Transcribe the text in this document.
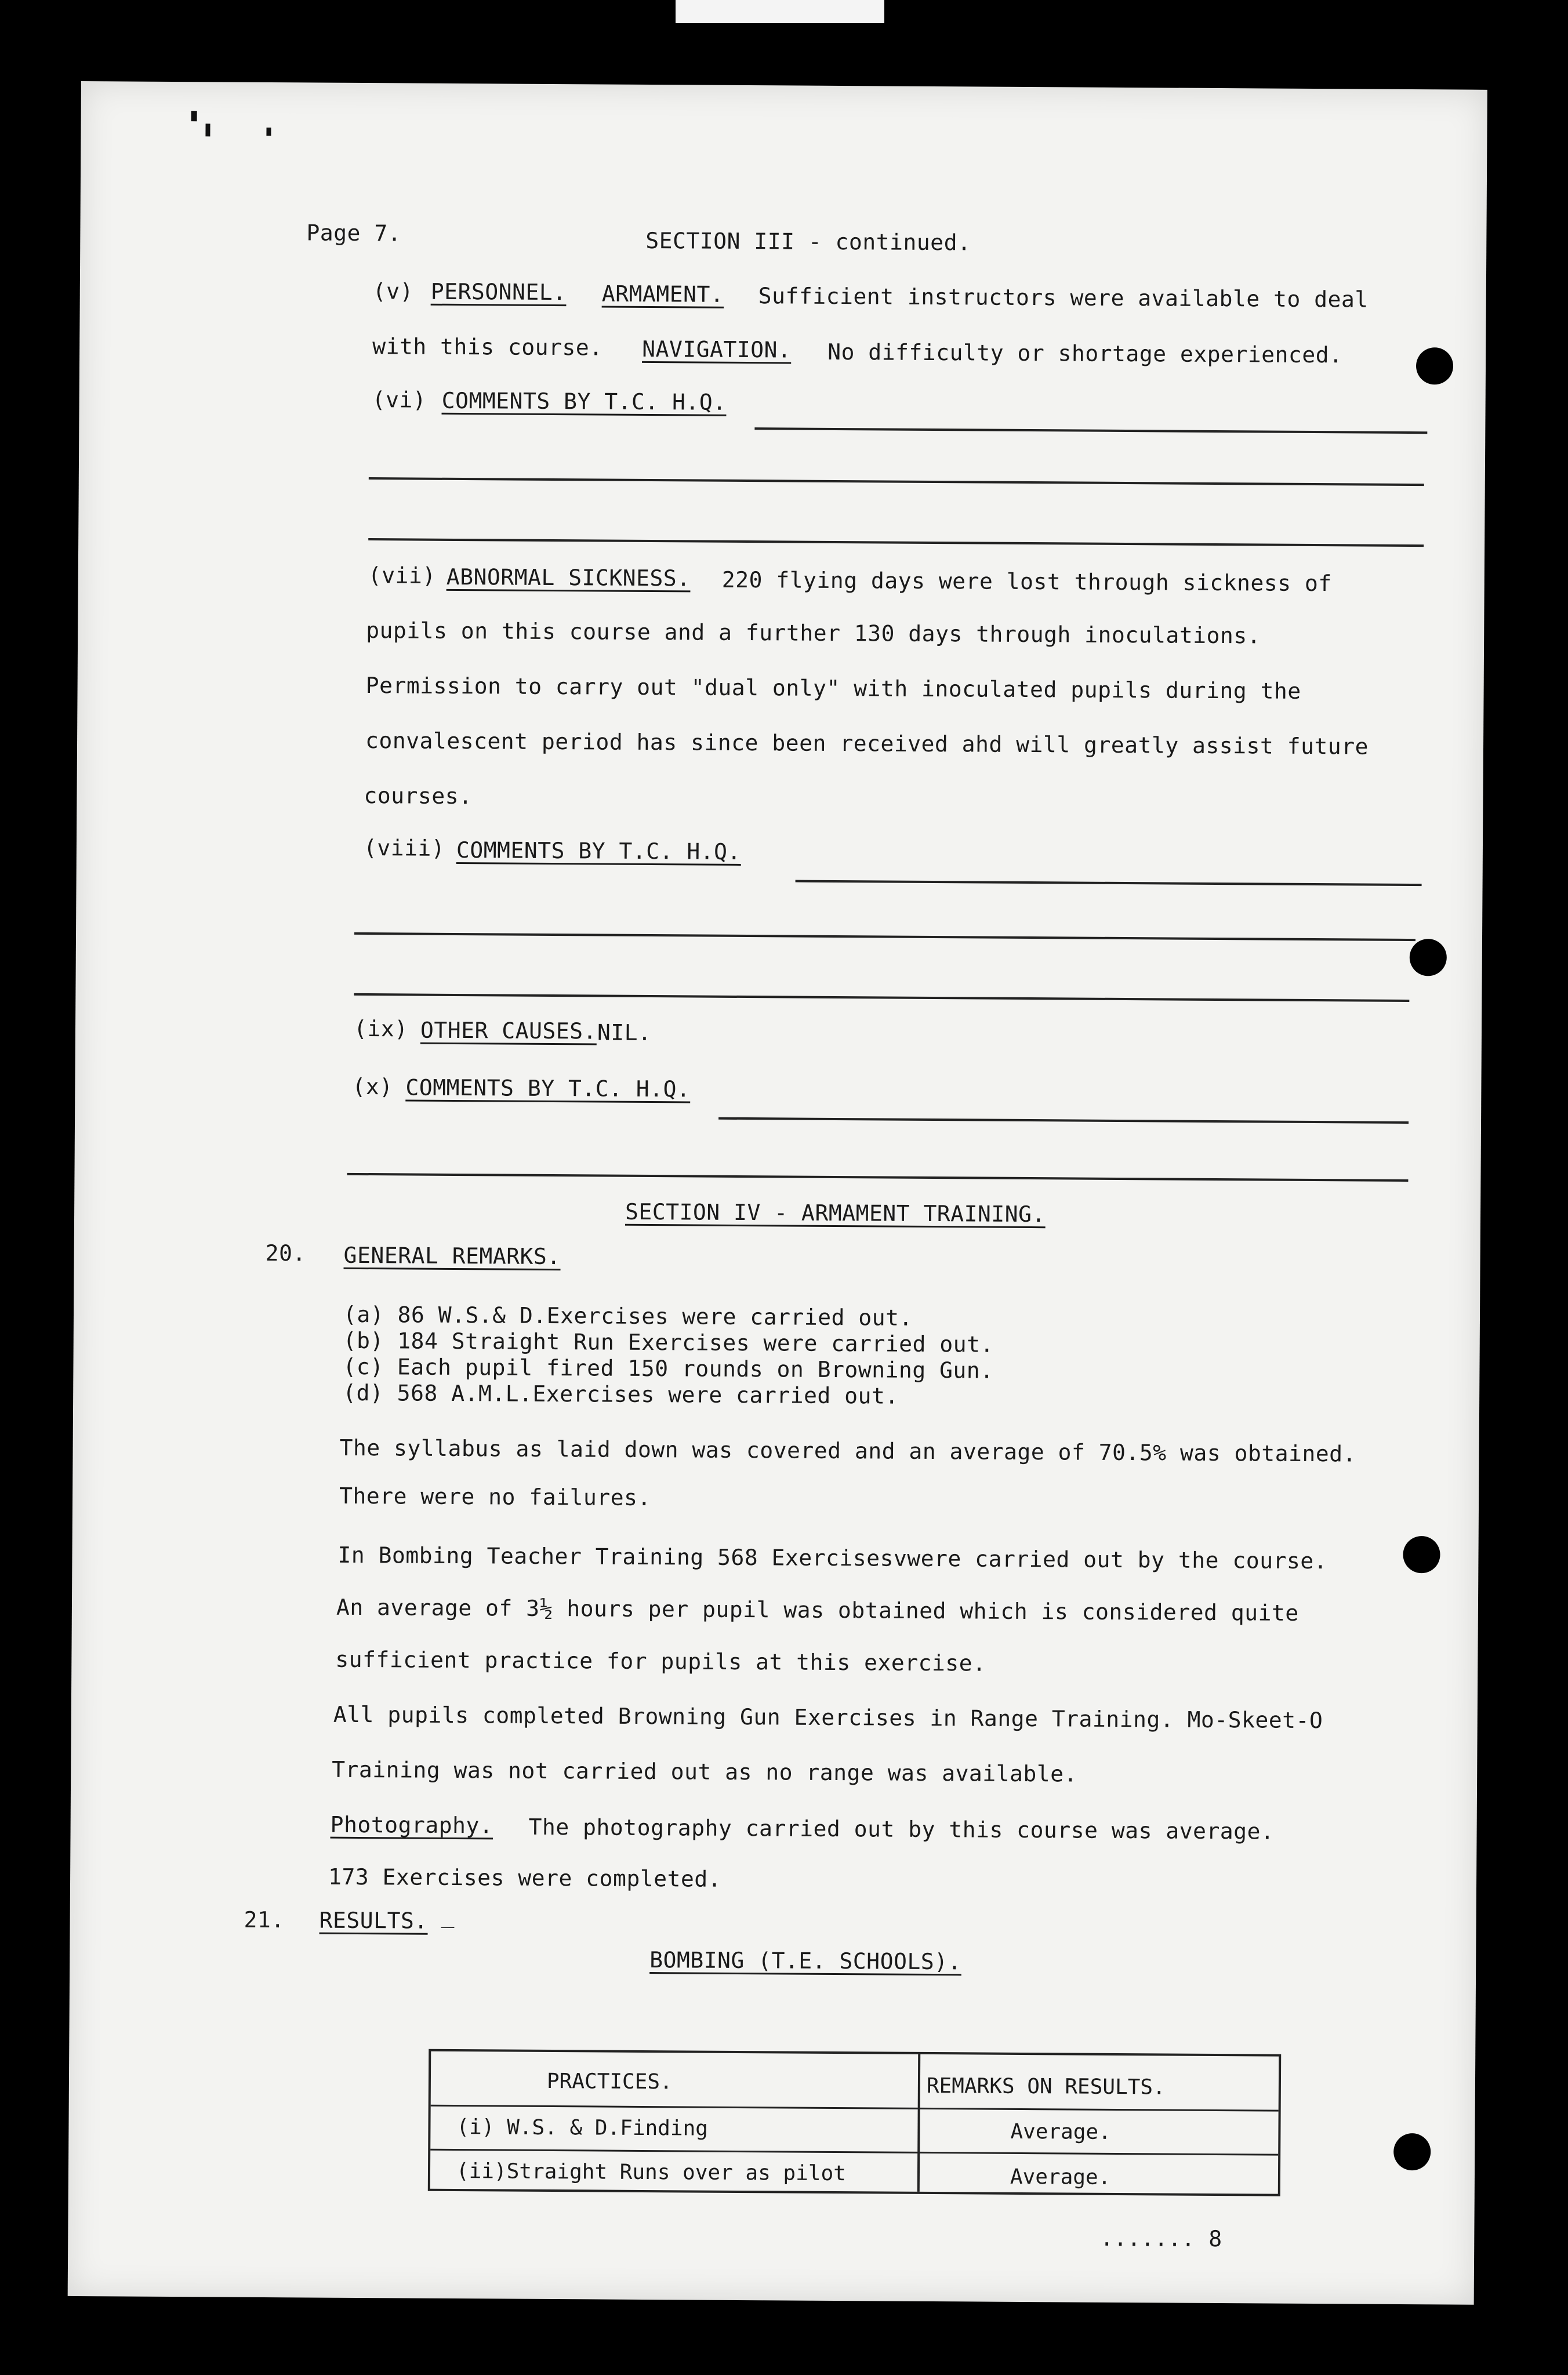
Page 7.	SECTION III - continued.
(v) PERSONNEL. ARMAMENT. Sufficient instructors were available to deal
with this course. NAVIGATION. No difficulty or shortage experienced.
(vi) COMMENTS BY T.C. H.Q.
(vii) ABNORMAL SICKNESS. 220 flying days were lost through sickness of
pupils on this course and a further 130 days through inoculations.
Permission to carry out "dual only" with inoculated pupils during the
convalescent period has since been received ahd will greatly assist future
courses.
(viii) COMMENTS BY T.C. H.Q.
(ix) OTHER CAUSES. NIL.
(x) COMMENTS BY T.C. H.Q.
SECTION IV - ARMAMENT TRAINING.
20. GENERAL REMARKS.
(a) 86 W.S.& D.Exercises were carried out.
(b) 184 Straight Run Exercises were carried out.
(c) Each pupil fired 150 rounds on Browning Gun.
(d) 568 A.M.L.Exercises were carried out.
The syllabus as laid down was covered and an average of 70.5% was obtained.
There were no failures.
In Bombing Teacher Training 568 Exercisesvwere carried out by the course.
An average of 3½ hours per pupil was obtained which is considered quite
sufficient practice for pupils at this exercise.
All pupils completed Browning Gun Exercises in Range Training. Mo-Skeet-O
Training was not carried out as no range was available.
Photography. The photography carried out by this course was average.
173 Exercises were completed.
21. RESULTS. _
BOMBING (T.E. SCHOOLS).
PRACTICES.	REMARKS ON RESULTS.
(i) W.S. & D.Finding	Average.
(ii)Straight Runs over as pilot	Average.
....... 8
